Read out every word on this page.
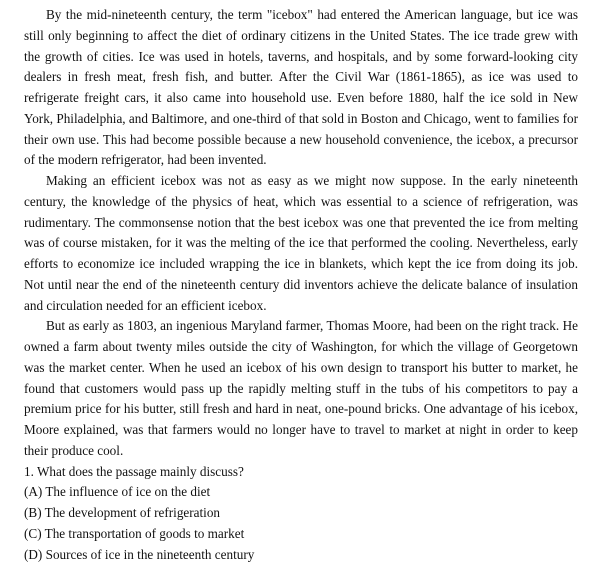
By the mid-nineteenth century, the term "icebox" had entered the American language, but ice was still only beginning to affect the diet of ordinary citizens in the United States. The ice trade grew with the growth of cities. Ice was used in hotels, taverns, and hospitals, and by some forward-looking city dealers in fresh meat, fresh fish, and butter. After the Civil War (1861-1865), as ice was used to refrigerate freight cars, it also came into household use. Even before 1880, half the ice sold in New York, Philadelphia, and Baltimore, and one-third of that sold in Boston and Chicago, went to families for their own use. This had become possible because a new household convenience, the icebox, a precursor of the modern refrigerator, had been invented.

Making an efficient icebox was not as easy as we might now suppose. In the early nineteenth century, the knowledge of the physics of heat, which was essential to a science of refrigeration, was rudimentary. The commonsense notion that the best icebox was one that prevented the ice from melting was of course mistaken, for it was the melting of the ice that performed the cooling. Nevertheless, early efforts to economize ice included wrapping the ice in blankets, which kept the ice from doing its job. Not until near the end of the nineteenth century did inventors achieve the delicate balance of insulation and circulation needed for an efficient icebox.

But as early as 1803, an ingenious Maryland farmer, Thomas Moore, had been on the right track. He owned a farm about twenty miles outside the city of Washington, for which the village of Georgetown was the market center. When he used an icebox of his own design to transport his butter to market, he found that customers would pass up the rapidly melting stuff in the tubs of his competitors to pay a premium price for his butter, still fresh and hard in neat, one-pound bricks. One advantage of his icebox, Moore explained, was that farmers would no longer have to travel to market at night in order to keep their produce cool.

1. What does the passage mainly discuss?

(A) The influence of ice on the diet

(B) The development of refrigeration

(C) The transportation of goods to market

(D) Sources of ice in the nineteenth century
